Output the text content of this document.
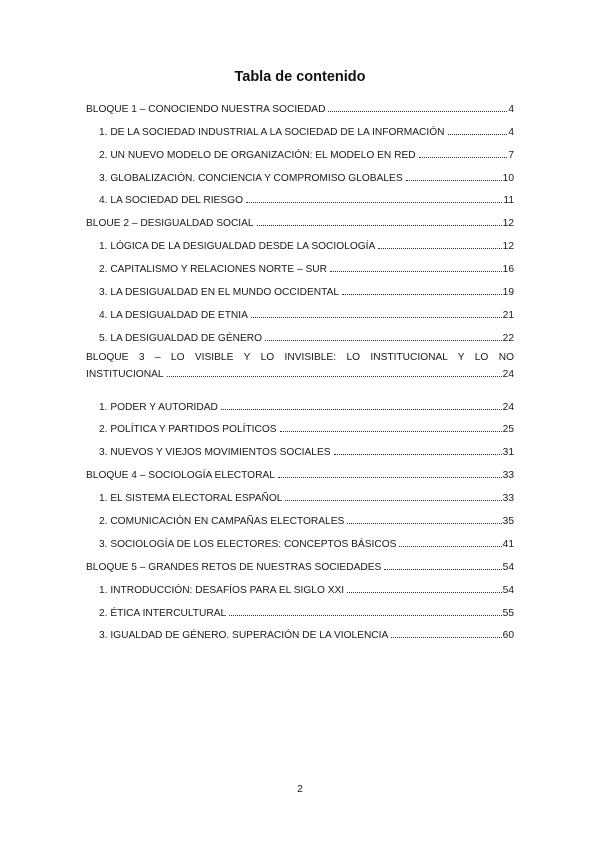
Tabla de contenido
BLOQUE 1 – CONOCIENDO NUESTRA SOCIEDAD	4
1. DE LA SOCIEDAD INDUSTRIAL A LA SOCIEDAD DE LA INFORMACIÓN	4
2. UN NUEVO MODELO DE ORGANIZACIÓN: EL MODELO EN RED	7
3. GLOBALIZACIÓN. CONCIENCIA Y COMPROMISO GLOBALES	10
4. LA SOCIEDAD DEL RIESGO	11
BLOUE 2 – DESIGUALDAD SOCIAL	12
1. LÓGICA DE LA DESIGUALDAD DESDE LA SOCIOLOGÍA	12
2. CAPITALISMO Y RELACIONES NORTE – SUR	16
3. LA DESIGUALDAD EN EL MUNDO OCCIDENTAL	19
4. LA DESIGUALDAD DE ETNIA	21
5. LA DESIGUALDAD DE GÉNERO	22
BLOQUE 3 – LO VISIBLE Y LO INVISIBLE: LO INSTITUCIONAL Y LO NO
INSTITUCIONAL	24
1. PODER Y AUTORIDAD	24
2. POLÍTICA Y PARTIDOS POLÍTICOS	25
3. NUEVOS Y VIEJOS MOVIMIENTOS SOCIALES	31
BLOQUE 4 – SOCIOLOGÍA ELECTORAL	33
1. EL SISTEMA ELECTORAL ESPAÑOL	33
2. COMUNICACIÓN EN CAMPAÑAS ELECTORALES	35
3. SOCIOLOGÍA DE LOS ELECTORES: CONCEPTOS BÁSICOS	41
BLOQUE 5 – GRANDES RETOS DE NUESTRAS SOCIEDADES	54
1. INTRODUCCIÓN: DESAFÍOS PARA EL SIGLO XXI	54
2. ÉTICA INTERCULTURAL	55
3. IGUALDAD DE GÉNERO. SUPERACIÓN DE LA VIOLENCIA	60
2
